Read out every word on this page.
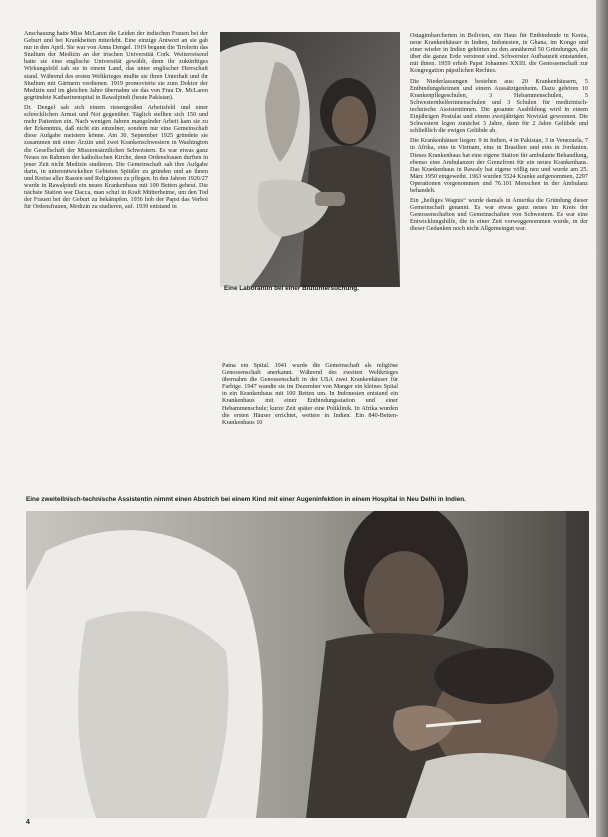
Anschauung hatte Miss McLaren die Leiden der indischen Frauen bei der Geburt und bei Krankheiten miterlebt. Eine einzige Antwort an sie gab nur in den April. Sie war von Anna Dengel. 1919 begann die Tirolerin das Studium der Medizin an der irischen Universität Cork. Weiterreisend hatte sie eine englische Universität gewählt, denn ihr zukünftiges Wirkungsfeld sah sie in einem Land, das unter englischer Herrschaft stand. Während des ersten Weltkrieges mußte sie ihren Unterhalt und ihr Studium mit Gärtnern verdienen. 1919 promovierte sie zum Doktor der Medizin und im gleichen Jahre übernahm sie das von Frau Dr. McLaren gegründete Katharinenspital in Rawalpindi (heute Pakistan).

Dr. Dengel sah sich einem riesengroßen Arbeitsfeld und einer schrecklichen Armut und Not gegenüber. Täglich stellten sich 150 und mehr Patienten ein. Nach wenigen Jahren mangelnder Arbeit kam sie zu der Erkenntnis, daß nicht ein einzelner, sondern nur eine Gemeinschaft diese Aufgabe meistern könne. Am 30. September 1925 gründete sie zusammen mit einer Ärztin und zwei Krankenschwestern in Washington die Gesellschaft der Missionsärztlichen Schwestern. Es war etwas ganz Neues im Rahmen der katholischen Kirche, denn Ordensfrauen durften in jener Zeit nicht Medizin studieren. Die Gemeinschaft sah ihre Aufgabe darin, in unterentwickelten Gebieten Spitäler zu gründen und an ihnen und Kreise aller Rassen und Religionen zu pflegen. In den Jahren 1926/27 wurde in Rawalpindi ein neues Krankenhaus mit 100 Betten geheut. Die nächste Station war Dacca, man schuf in Kraft Mütterheime, um den Tod der Frauen bei der Geburt zu bekämpfen. 1936 hob der Papst das Verbot für Ordensfrauen, Medizin zu studieren, auf. 1939 entstand in

Eine Laborantin bei einer Blutuntersuchung.

Patna ein Spital. 1941 wurde die Gemeinschaft als religiöse Genossenschaft anerkannt. Während des zweiten Weltkrieges übernahm die Genossenschaft in der USA zwei Krankenhäuser für Farbige. 1947 wandte sie im Dezember von Manger ein kleines Spital in ein Krankenhaus mit 100 Betten um. In Indonesien entstand ein Krankenhaus mit einer Entbindungsstation und einer Hebammenschule; kurze Zeit später eine Poliklinik. In Afrika wurden die ersten Häuser errichtet, weitere in Indien. Ein 840-Betten-Krankenhaus 10

Ostagimbarcherten in Bolivien, ein Haus für Entbindende in Kenia, neue Krankenhäuser in Indien, Indonesien, in Ghana, im Kongo und einer wieder in Indien gehörten zu den annähernd 50 Gründungen, die über die ganze Erde verstreut sind. Schwerster Aufbauzeit entstanden, mit ihnen. 1959 erhob Papst Johannes XXIII. die Genossenschaft zur Kongregation päpstlichen Rechtes.

Die Niederlassungen bestehen aus: 20 Krankenhäusern, 5 Entbindungsheimen und einem Aussätzigenheim. Dazu gehören 10 Krankenpflegeschulen, 3 Hebammenschulen, 5 Schwesternhelferinnenschulen und 3 Schulen für medizinisch-technische Assistentinnen. Die gesamte Ausbildung wird in einem Einjährigen Postulat und einem zweijährigen Noviziat gewonnen. Die Schwestern legen zunächst 3 Jahre, dann für 2 Jahre Gelübde und schließlich die ewigen Gelübde ab.

Die Krankenhäuser liegen: 9 in Indien, 4 in Pakistan, 3 in Venezuela, 7 in Afrika, eins in Vietnam, eins in Brasilien und eins in Jordanien. Dieses Krankenhaus hat eine eigene Station für ambulante Behandlung, ebenso eine Ambulanzen der Grenzfront für ein neues Krankenhaus. Das Krankenhaus in Rawaly hat eigene völlig neu und wurde am 25. März 1950 eingeweiht. 1963 wurden 5524 Kranke aufgenommen, 2297 Operationen vorgenommen und 76.101 Menschen in der Ambulanz behandelt.

Ein „heiliges Wagnis“ wurde damals in Amerika die Gründung dieser Gemeinschaft genannt. Es war etwas ganz neues im Kreis der Genossenschaften und Gemeinschaften von Schwestern. Es war eine Entwicklungshilfe, die in einer Zeit vorweggenommen wurde, in der dieser Gedanken noch nicht Allgemeingut war.

Eine zweiteilnisch-technische Assistentin nimmt einen Abstrich bei einem Kind mit einer Augeninfektion in einem Hospital in Neu Delhi in Indien.
4
